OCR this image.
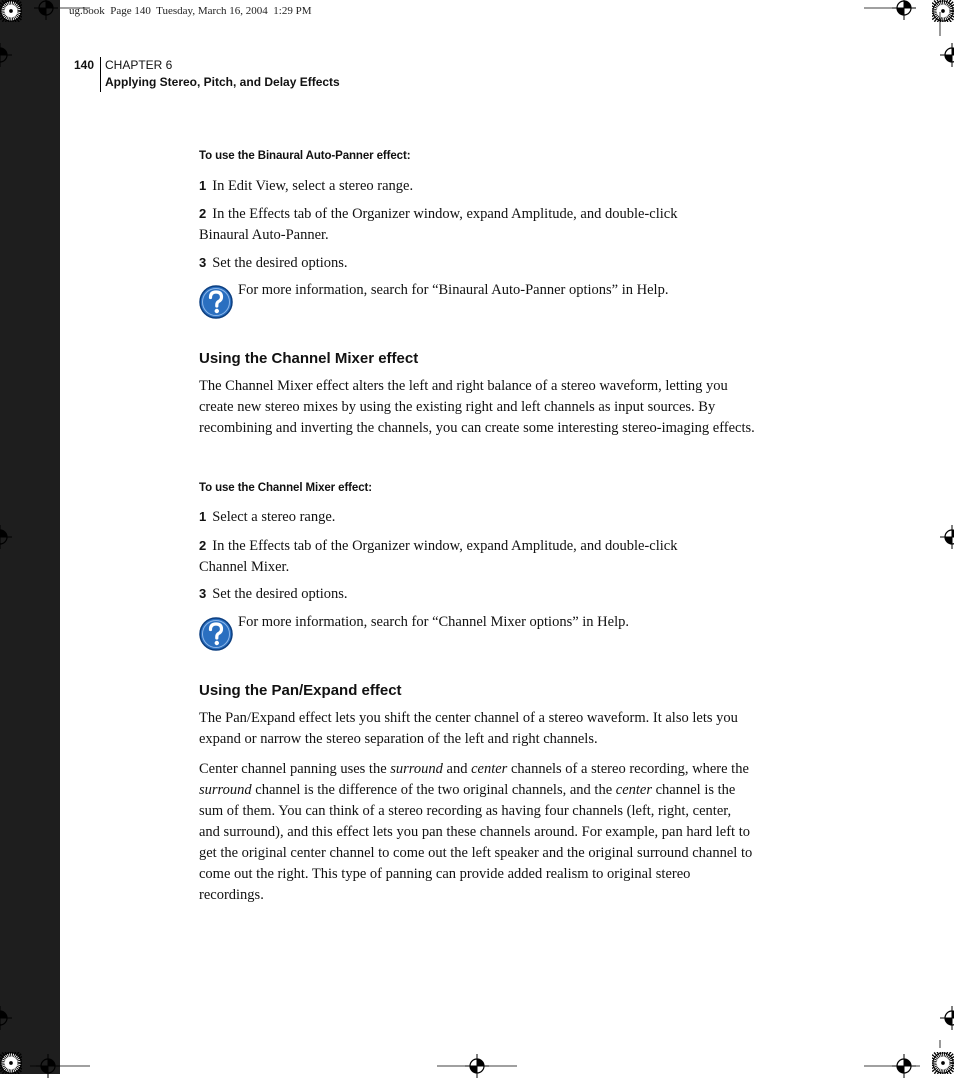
ug.book  Page 140  Tuesday, March 16, 2004  1:29 PM
140 CHAPTER 6
Applying Stereo, Pitch, and Delay Effects
To use the Binaural Auto-Panner effect:
1 In Edit View, select a stereo range.
2 In the Effects tab of the Organizer window, expand Amplitude, and double-click Binaural Auto-Panner.
3 Set the desired options.
For more information, search for “Binaural Auto-Panner options” in Help.
Using the Channel Mixer effect
The Channel Mixer effect alters the left and right balance of a stereo waveform, letting you create new stereo mixes by using the existing right and left channels as input sources. By recombining and inverting the channels, you can create some interesting stereo-imaging effects.
To use the Channel Mixer effect:
1 Select a stereo range.
2 In the Effects tab of the Organizer window, expand Amplitude, and double-click Channel Mixer.
3 Set the desired options.
For more information, search for “Channel Mixer options” in Help.
Using the Pan/Expand effect
The Pan/Expand effect lets you shift the center channel of a stereo waveform. It also lets you expand or narrow the stereo separation of the left and right channels.
Center channel panning uses the surround and center channels of a stereo recording, where the surround channel is the difference of the two original channels, and the center channel is the sum of them. You can think of a stereo recording as having four channels (left, right, center, and surround), and this effect lets you pan these channels around. For example, pan hard left to get the original center channel to come out the left speaker and the original surround channel to come out the right. This type of panning can provide added realism to original stereo recordings.
